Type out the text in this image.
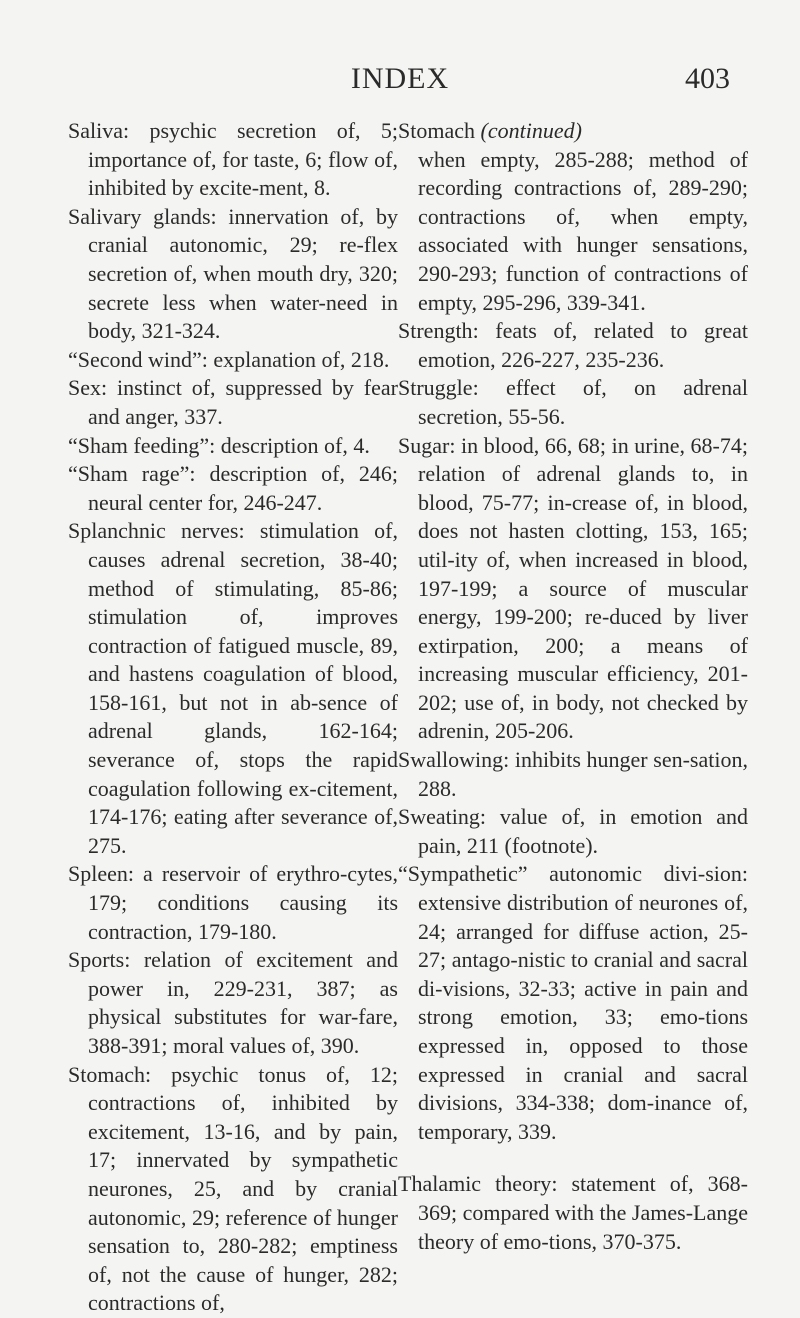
INDEX	403

Saliva: psychic secretion of, 5; importance of, for taste, 6; flow of, inhibited by excite-ment, 8.

Salivary glands: innervation of, by cranial autonomic, 29; re-flex secretion of, when mouth dry, 320; secrete less when water-need in body, 321-324.

“Second wind”: explanation of, 218.

Sex: instinct of, suppressed by fear and anger, 337.

“Sham feeding”: description of, 4.

“Sham rage”: description of, 246; neural center for, 246-247.

Splanchnic nerves: stimulation of, causes adrenal secretion, 38-40; method of stimulating, 85-86; stimulation of, improves contraction of fatigued muscle, 89, and hastens coagulation of blood, 158-161, but not in ab-sence of adrenal glands, 162-164; severance of, stops the rapid coagulation following ex-citement, 174-176; eating after severance of, 275.

Spleen: a reservoir of erythro-cytes, 179; conditions causing its contraction, 179-180.

Sports: relation of excitement and power in, 229-231, 387; as physical substitutes for war-fare, 388-391; moral values of, 390.

Stomach: psychic tonus of, 12; contractions of, inhibited by excitement, 13-16, and by pain, 17; innervated by sympathetic neurones, 25, and by cranial autonomic, 29; reference of hunger sensation to, 280-282; emptiness of, not the cause of hunger, 282; contractions of,

Stomach (continued)
when empty, 285-288; method of recording contractions of, 289-290; contractions of, when empty, associated with hunger sensations, 290-293; function of contractions of empty, 295-296, 339-341.

Strength: feats of, related to great emotion, 226-227, 235-236.

Struggle: effect of, on adrenal secretion, 55-56.

Sugar: in blood, 66, 68; in urine, 68-74; relation of adrenal glands to, in blood, 75-77; in-crease of, in blood, does not hasten clotting, 153, 165; util-ity of, when increased in blood, 197-199; a source of muscular energy, 199-200; re-duced by liver extirpation, 200; a means of increasing muscular efficiency, 201-202; use of, in body, not checked by adrenin, 205-206.

Swallowing: inhibits hunger sen-sation, 288.

Sweating: value of, in emotion and pain, 211 (footnote).

“Sympathetic” autonomic divi-sion: extensive distribution of neurones of, 24; arranged for diffuse action, 25-27; antago-nistic to cranial and sacral di-visions, 32-33; active in pain and strong emotion, 33; emo-tions expressed in, opposed to those expressed in cranial and sacral divisions, 334-338; dom-inance of, temporary, 339.

Thalamic theory: statement of, 368-369; compared with the James-Lange theory of emo-tions, 370-375.
